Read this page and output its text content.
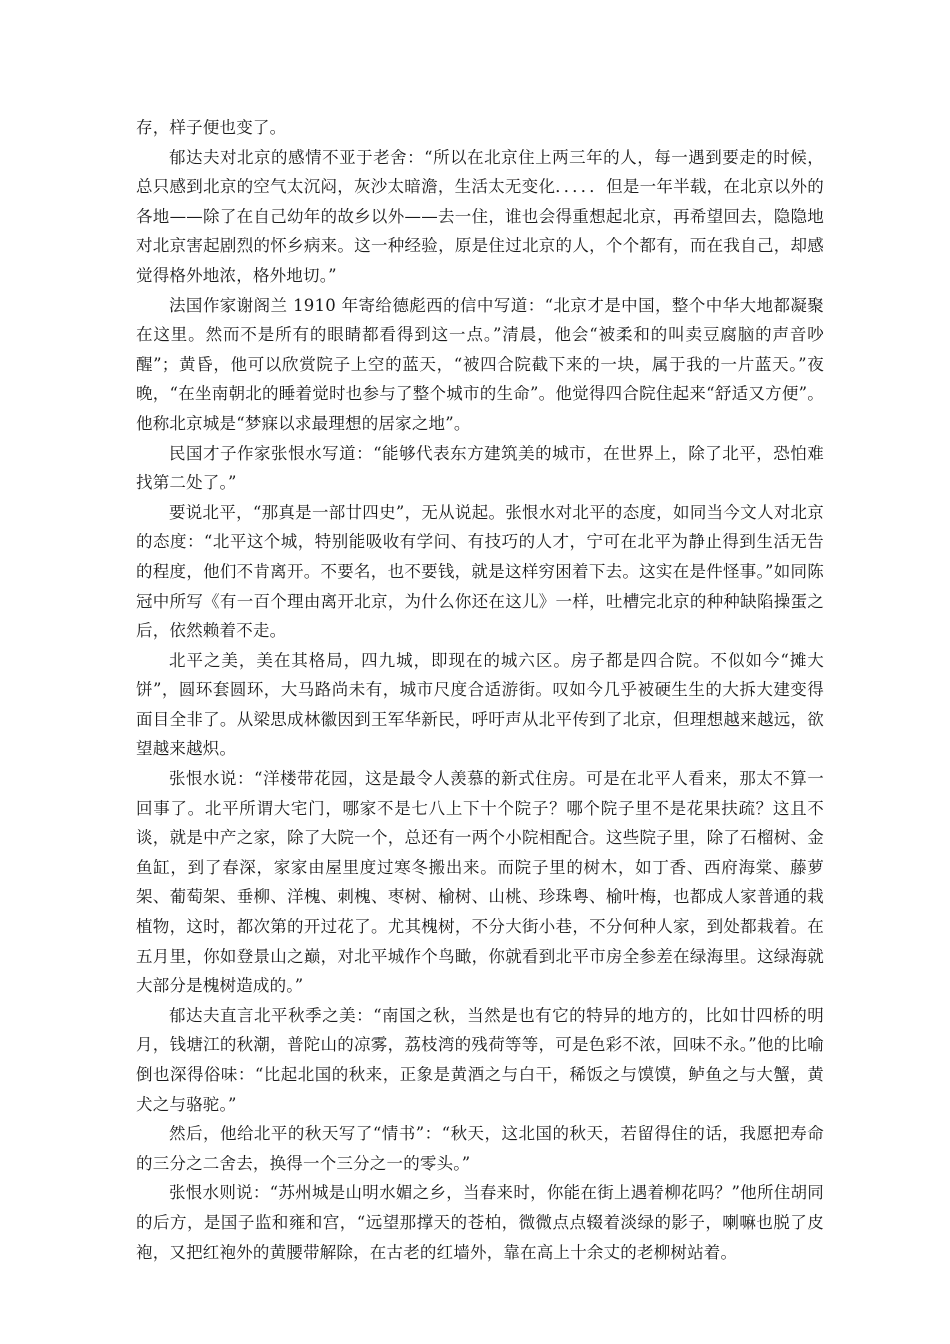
存，样子便也变了。

郁达夫对北京的感情不亚于老舍：“所以在北京住上两三年的人，每一遇到要走的时候，总只感到北京的空气太沉闷，灰沙太暗澹，生活太无变化．．．．．但是一年半载，在北京以外的各地——除了在自己幼年的故乡以外——去一住，谁也会得重想起北京，再希望回去，隐隐地对北京害起剧烈的怀乡病来。这一种经验，原是住过北京的人，个个都有，而在我自己，却感觉得格外地浓，格外地切。”

法国作家谢阁兰 1910 年寄给德彪西的信中写道：“北京才是中国，整个中华大地都凝聚在这里。然而不是所有的眼睛都看得到这一点。”清晨，他会“被柔和的叫卖豆腐脑的声音吵醒”；黄昏，他可以欣赏院子上空的蓝天，“被四合院截下来的一块，属于我的一片蓝天。”夜晚，“在坐南朝北的睡着觉时也参与了整个城市的生命”。他觉得四合院住起来“舒适又方便”。他称北京城是“梦寐以求最理想的居家之地”。

民国才子作家张恨水写道：“能够代表东方建筑美的城市，在世界上，除了北平，恐怕难找第二处了。”

要说北平，“那真是一部廿四史”，无从说起。张恨水对北平的态度，如同当今文人对北京的态度：“北平这个城，特别能吸收有学问、有技巧的人才，宁可在北平为静止得到生活无告的程度，他们不肯离开。不要名，也不要钱，就是这样穷困着下去。这实在是件怪事。”如同陈冠中所写《有一百个理由离开北京，为什么你还在这儿》一样，吐槽完北京的种种缺陷操蛋之后，依然赖着不走。

北平之美，美在其格局，四九城，即现在的城六区。房子都是四合院。不似如今“摊大饼”，圆环套圆环，大马路尚未有，城市尺度合适游街。叹如今几乎被硬生生的大拆大建变得面目全非了。从梁思成林徽因到王军华新民，呼吁声从北平传到了北京，但理想越来越远，欲望越来越炽。

张恨水说：“洋楼带花园，这是最令人羡慕的新式住房。可是在北平人看来，那太不算一回事了。北平所谓大宅门，哪家不是七八上下十个院子？哪个院子里不是花果扶疏？这且不谈，就是中产之家，除了大院一个，总还有一两个小院相配合。这些院子里，除了石榴树、金鱼缸，到了春深，家家由屋里度过寒冬搬出来。而院子里的树木，如丁香、西府海棠、藤萝架、葡萄架、垂柳、洋槐、刺槐、枣树、榆树、山桃、珍珠粤、榆叶梅，也都成人家普通的栽植物，这时，都次第的开过花了。尤其槐树，不分大街小巷，不分何种人家，到处都栽着。在五月里，你如登景山之巅，对北平城作个鸟瞰，你就看到北平市房全参差在绿海里。这绿海就大部分是槐树造成的。”

郁达夫直言北平秋季之美：“南国之秋，当然是也有它的特异的地方的，比如廿四桥的明月，钱塘江的秋潮，普陀山的凉雾，荔枝湾的残荷等等，可是色彩不浓，回味不永。”他的比喻倒也深得俗味：“比起北国的秋来，正象是黄酒之与白干，稀饭之与馍馍，鲈鱼之与大蟹，黄犬之与骆驼。”

然后，他给北平的秋天写了“情书”：“秋天，这北国的秋天，若留得住的话，我愿把寿命的三分之二舍去，换得一个三分之一的零头。”

张恨水则说：“苏州城是山明水媚之乡，当春来时，你能在街上遇着柳花吗？”他所住胡同的后方，是国子监和雍和宫，“远望那撑天的苍柏，微微点点辍着淡绿的影子，喇嘛也脱了皮袍，又把红袍外的黄腰带解除，在古老的红墙外，靠在高上十余丈的老柳树站着。
